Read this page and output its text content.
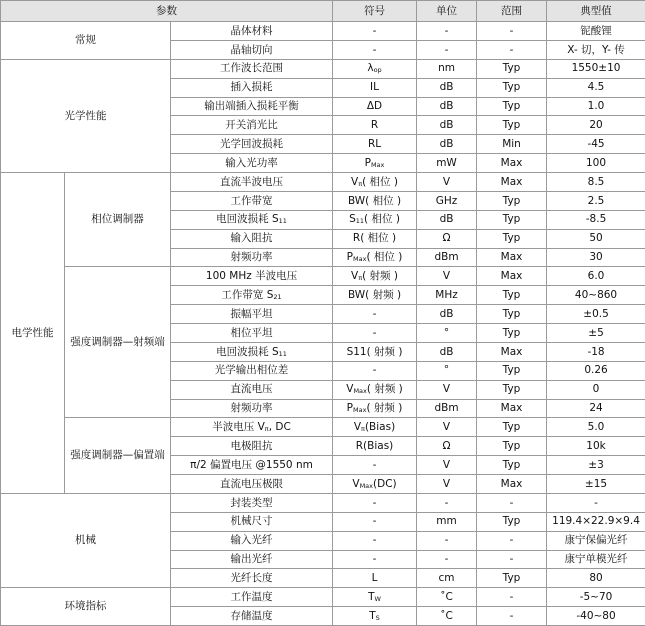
参数			符号	单位	范围	典型值
常规		晶体材料	-	-	-	铌酸锂
		晶轴切向	-	-	-	X- 切，Y- 传
光学性能		工作波长范围	$\lambda_{op}$	nm	Typ	1550±10
		插入损耗	IL	dB	Typ	4.5
		输出端插入损耗平衡	ΔD	dB	Typ	1.0
		开关消光比	R	dB	Typ	20
		光学回波损耗	RL	dB	Min	-45
		输入光功率	$P_{Max}$	mW	Max	100
电学性能	相位调制器	直流半波电压	$V_\pi$( 相位 )	V	Max	8.5
		工作带宽	BW( 相位 )	GHz	Typ	2.5
		电回波损耗 $S_{11}$	$S_{11}$( 相位 )	dB	Typ	-8.5
		输入阻抗	R( 相位 )	Ω	Typ	50
		射频功率	$P_{Max}$( 相位 )	dBm	Max	30
	强度调制器—射频端	100 MHz 半波电压	$V_\pi$( 射频 )	V	Max	6.0
		工作带宽 $S_{21}$	BW( 射频 )	MHz	Typ	40~860
		振幅平坦	-	dB	Typ	±0.5
		相位平坦	-	°	Typ	±5
		电回波损耗 $S_{11}$	S11( 射频 )	dB	Max	-18
		光学输出相位差	-	°	Typ	0.26
		直流电压	$V_{Max}$( 射频 )	V	Typ	0
		射频功率	$P_{Max}$( 射频 )	dBm	Max	24
	强度调制器—偏置端	半波电压 $V_\pi$, DC	$V_\pi(Bias)$	V	Typ	5.0
		电极阻抗	R(Bias)	Ω	Typ	10k
		π/2 偏置电压 @1550 nm	-	V	Typ	±3
		直流电压极限	$V_{Max}(DC)$	V	Max	±15
机械		封装类型	-	-	-	-
		机械尺寸	-	mm	Typ	119.4×22.9×9.4
		输入光纤	-	-	-	康宁保偏光纤
		输出光纤	-	-	-	康宁单模光纤
		光纤长度	L	cm	Typ	80
环境指标		工作温度	$T_W$	˚C	-	-5~70
		存储温度	$T_S$	˚C	-	-40~80
